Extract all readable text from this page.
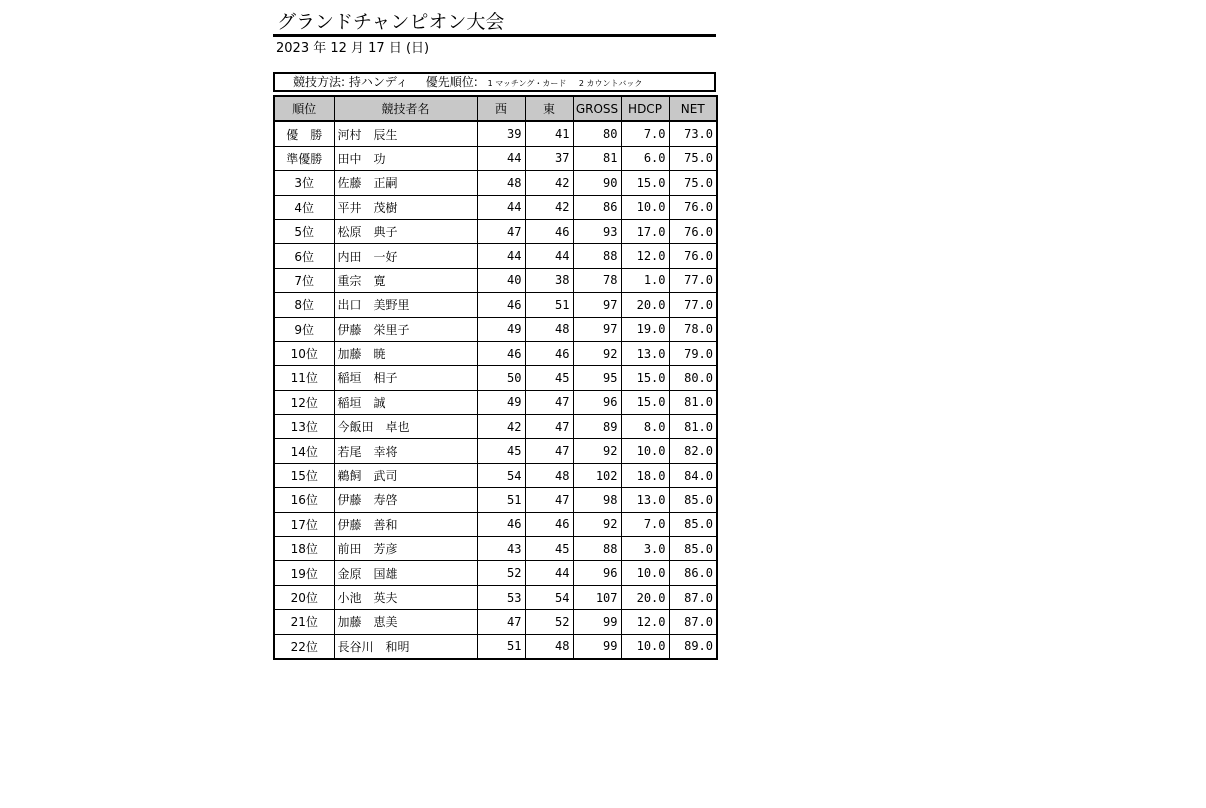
グランドチャンピオン大会
2023 年 12 月 17 日 (日)
競技方法: 持ハンディ 優先順位: 1 マッチング・カード 2 カウントバック
順位	競技者名	西	東	GROSS	HDCP	NET
優　勝	河村　辰生	39	41	80	7.0	73.0
準優勝	田中　功	44	37	81	6.0	75.0
3位	佐藤　正嗣	48	42	90	15.0	75.0
4位	平井　茂樹	44	42	86	10.0	76.0
5位	松原　典子	47	46	93	17.0	76.0
6位	内田　一好	44	44	88	12.0	76.0
7位	重宗　寛	40	38	78	1.0	77.0
8位	出口　美野里	46	51	97	20.0	77.0
9位	伊藤　栄里子	49	48	97	19.0	78.0
10位	加藤　暁	46	46	92	13.0	79.0
11位	稲垣　相子	50	45	95	15.0	80.0
12位	稲垣　誠	49	47	96	15.0	81.0
13位	今飯田　卓也	42	47	89	8.0	81.0
14位	若尾　幸将	45	47	92	10.0	82.0
15位	鵜飼　武司	54	48	102	18.0	84.0
16位	伊藤　寿啓	51	47	98	13.0	85.0
17位	伊藤　善和	46	46	92	7.0	85.0
18位	前田　芳彦	43	45	88	3.0	85.0
19位	金原　国雄	52	44	96	10.0	86.0
20位	小池　英夫	53	54	107	20.0	87.0
21位	加藤　恵美	47	52	99	12.0	87.0
22位	長谷川　和明	51	48	99	10.0	89.0
